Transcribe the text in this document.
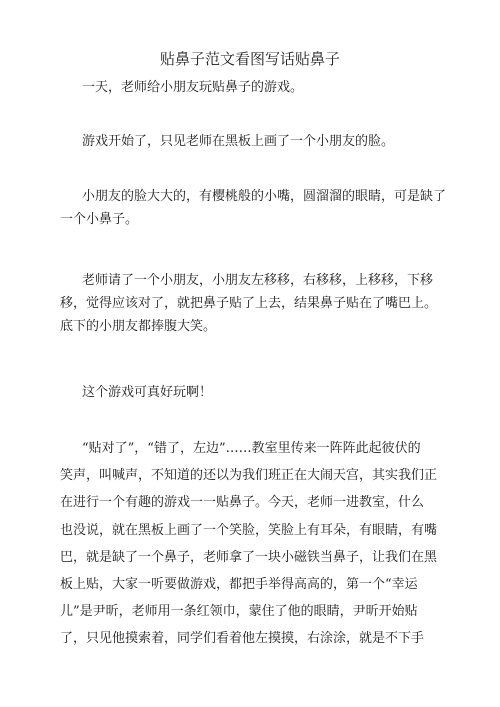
贴鼻子范文看图写话贴鼻子
一天，老师给小朋友玩贴鼻子的游戏。
游戏开始了，只见老师在黑板上画了一个小朋友的脸。
小朋友的脸大大的，有樱桃般的小嘴，圆溜溜的眼睛，可是缺了
一个小鼻子。
老师请了一个小朋友，小朋友左移移，右移移，上移移，下移
移，觉得应该对了，就把鼻子贴了上去，结果鼻子贴在了嘴巴上。
底下的小朋友都捧腹大笑。
这个游戏可真好玩啊！
“贴对了”，“错了，左边”……教室里传来一阵阵此起彼伏的
笑声，叫喊声，不知道的还以为我们班正在大闹天宫，其实我们正
在进行一个有趣的游戏一一贴鼻子。今天，老师一进教室，什么
也没说，就在黑板上画了一个笑脸，笑脸上有耳朵，有眼睛，有嘴
巴，就是缺了一个鼻子，老师拿了一块小磁铁当鼻子，让我们在黑
板上贴，大家一听要做游戏，都把手举得高高的，第一个“幸运
儿”是尹昕，老师用一条红领巾，蒙住了他的眼睛，尹昕开始贴
了，只见他摸索着，同学们看着他左摸摸，右涂涂，就是不下手
